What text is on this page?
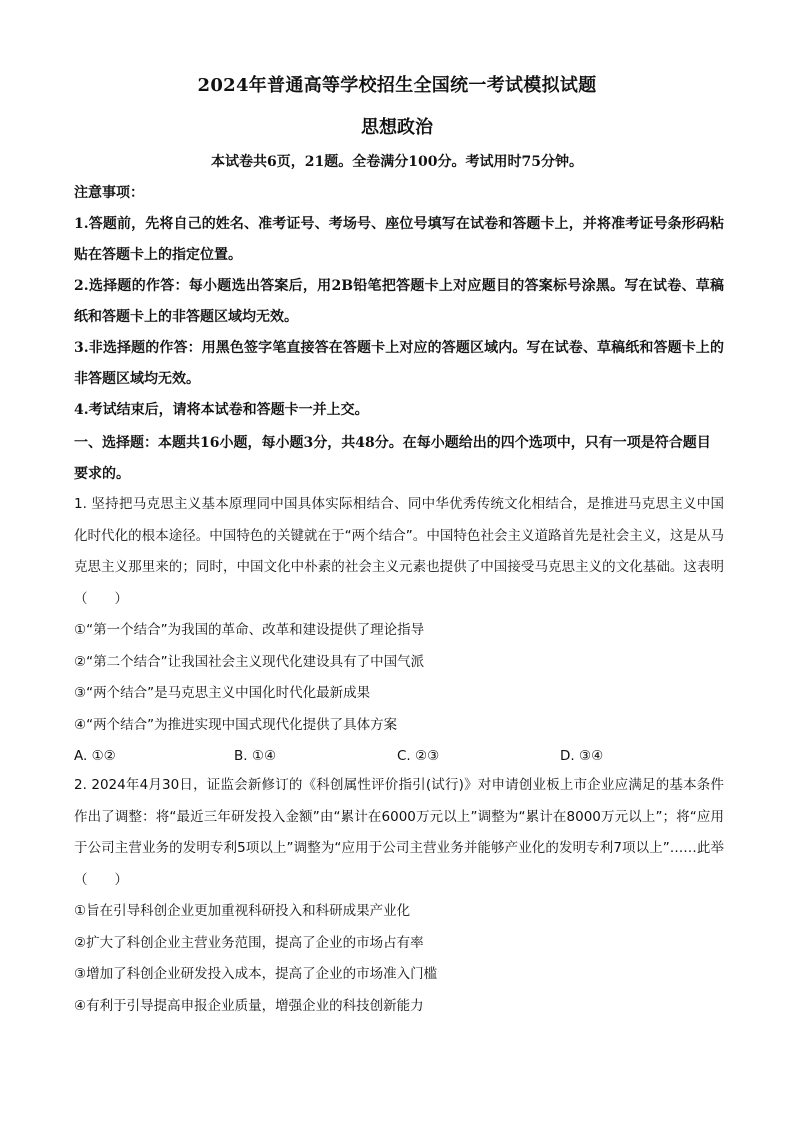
2024年普通高等学校招生全国统一考试模拟试题
思想政治
本试卷共6页，21题。全卷满分100分。考试用时75分钟。
注意事项：
1.答题前，先将自己的姓名、准考证号、考场号、座位号填写在试卷和答题卡上，并将准考证号条形码粘贴在答题卡上的指定位置。
2.选择题的作答：每小题选出答案后，用2B铅笔把答题卡上对应题目的答案标号涂黑。写在试卷、草稿纸和答题卡上的非答题区域均无效。
3.非选择题的作答：用黑色签字笔直接答在答题卡上对应的答题区域内。写在试卷、草稿纸和答题卡上的非答题区域均无效。
4.考试结束后，请将本试卷和答题卡一并上交。
一、选择题：本题共16小题，每小题3分，共48分。在每小题给出的四个选项中，只有一项是符合题目要求的。
1. 坚持把马克思主义基本原理同中国具体实际相结合、同中华优秀传统文化相结合，是推进马克思主义中国化时代化的根本途径。中国特色的关键就在于“两个结合”。中国特色社会主义道路首先是社会主义，这是从马克思主义那里来的；同时，中国文化中朴素的社会主义元素也提供了中国接受马克思主义的文化基础。这表明（　　）
①“第一个结合”为我国的革命、改革和建设提供了理论指导
②“第二个结合”让我国社会主义现代化建设具有了中国气派
③“两个结合”是马克思主义中国化时代化最新成果
④“两个结合”为推进实现中国式现代化提供了具体方案
A. ①②	B. ①④	C. ②③	D. ③④
2. 2024年4月30日，证监会新修订的《科创属性评价指引(试行)》对申请创业板上市企业应满足的基本条件作出了调整：将“最近三年研发投入金额”由“累计在6000万元以上”调整为“累计在8000万元以上”；将“应用于公司主营业务的发明专利5项以上”调整为“应用于公司主营业务并能够产业化的发明专利7项以上”……此举（　　）
①旨在引导科创企业更加重视科研投入和科研成果产业化
②扩大了科创企业主营业务范围，提高了企业的市场占有率
③增加了科创企业研发投入成本，提高了企业的市场准入门槛
④有利于引导提高申报企业质量，增强企业的科技创新能力
